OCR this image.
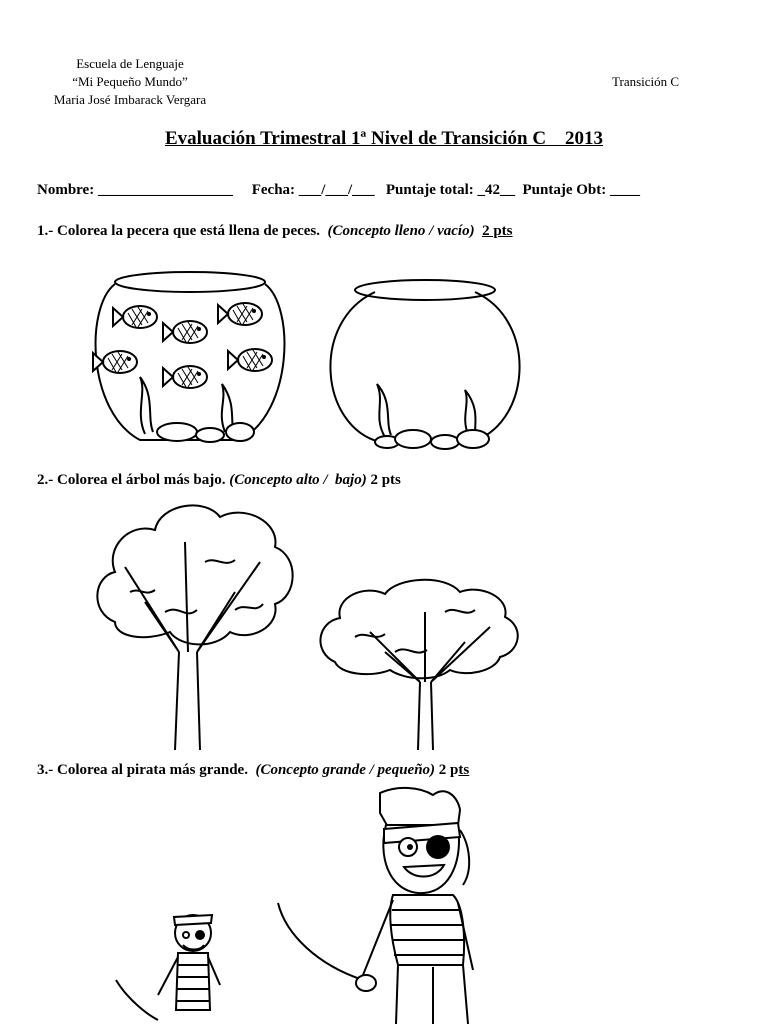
Escuela de Lenguaje
“Mi Pequeño Mundo”
Maria José Imbarack Vergara
Transición C
Evaluación Trimestral 1ª Nivel de Transición C    2013
Nombre: __________________     Fecha: ___/___/___   Puntaje total: _42__  Puntaje Obt: ____
1.- Colorea la pecera que está llena de peces.  (Concepto lleno / vacío) 2 pts
2.- Colorea el árbol más bajo. (Concepto alto /  bajo) 2 pts
3.- Colorea al pirata más grande.  (Concepto grande / pequeño) 2 pts
